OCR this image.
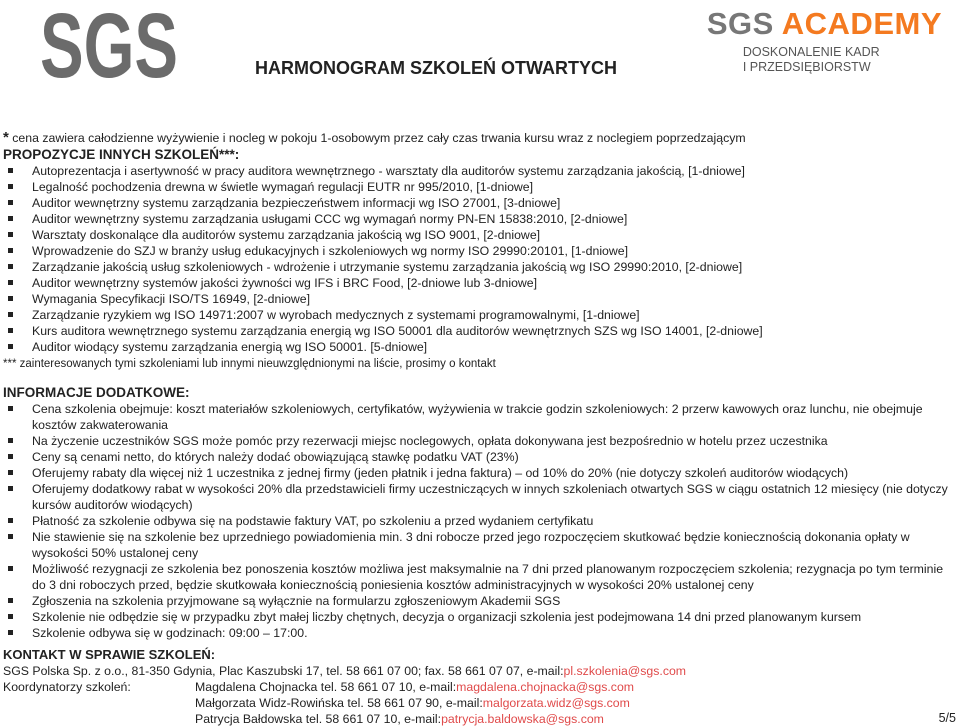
SGS	HARMONOGRAM SZKOLEŃ OTWARTYCH
SGS ACADEMY
DOSKONALENIE KADR
I PRZEDSIĘBIORSTW

* cena zawiera całodzienne wyżywienie i nocleg w pokoju 1-osobowym przez cały czas trwania kursu wraz z noclegiem poprzedzającym

PROPOZYCJE INNYCH SZKOLEŃ***:

Autoprezentacja i asertywność w pracy auditora wewnętrznego - warsztaty dla auditorów systemu zarządzania jakością, [1-dniowe]
Legalność pochodzenia drewna w świetle wymagań regulacji EUTR nr 995/2010, [1-dniowe]
Auditor wewnętrzny systemu zarządzania bezpieczeństwem informacji wg ISO 27001, [3-dniowe]
Auditor wewnętrzny systemu zarządzania usługami CCC wg wymagań normy PN-EN 15838:2010, [2-dniowe]
Warsztaty doskonalące dla auditorów systemu zarządzania jakością wg ISO 9001, [2-dniowe]
Wprowadzenie do SZJ w branży usług edukacyjnych i szkoleniowych wg normy ISO 29990:20101, [1-dniowe]
Zarządzanie jakością usług szkoleniowych - wdrożenie i utrzymanie systemu zarządzania jakością wg ISO 29990:2010, [2-dniowe]
Auditor wewnętrzny systemów jakości żywności wg IFS i BRC Food, [2-dniowe lub 3-dniowe]
Wymagania Specyfikacji ISO/TS 16949, [2-dniowe]
Zarządzanie ryzykiem wg ISO 14971:2007 w wyrobach medycznych z systemami programowalnymi, [1-dniowe]
Kurs auditora wewnętrznego systemu zarządzania energią wg ISO 50001 dla auditorów wewnętrznych SZS wg ISO 14001, [2-dniowe]
Auditor wiodący systemu zarządzania energią wg ISO 50001. [5-dniowe]

*** zainteresowanych tymi szkoleniami lub innymi nieuwzględnionymi na liście, prosimy o kontakt

INFORMACJE DODATKOWE:

Cena szkolenia obejmuje: koszt materiałów szkoleniowych, certyfikatów, wyżywienia w trakcie godzin szkoleniowych: 2 przerw kawowych oraz lunchu, nie obejmuje kosztów zakwaterowania
Na życzenie uczestników SGS może pomóc przy rezerwacji miejsc noclegowych, opłata dokonywana jest bezpośrednio w hotelu przez uczestnika
Ceny są cenami netto, do których należy dodać obowiązującą stawkę podatku VAT (23%)
Oferujemy rabaty dla więcej niż 1 uczestnika z jednej firmy (jeden płatnik i jedna faktura) – od 10% do 20% (nie dotyczy szkoleń auditorów wiodących)
Oferujemy dodatkowy rabat w wysokości 20% dla przedstawicieli firmy uczestniczących w innych szkoleniach otwartych SGS w ciągu ostatnich 12 miesięcy (nie dotyczy kursów auditorów wiodących)
Płatność za szkolenie odbywa się na podstawie faktury VAT, po szkoleniu a przed wydaniem certyfikatu
Nie stawienie się na szkolenie bez uprzedniego powiadomienia min. 3 dni robocze przed jego rozpoczęciem skutkować będzie koniecznością dokonania opłaty w wysokości 50% ustalonej ceny
Możliwość rezygnacji ze szkolenia bez ponoszenia kosztów możliwa jest maksymalnie na 7 dni przed planowanym rozpoczęciem szkolenia; rezygnacja po tym terminie do 3 dni roboczych przed, będzie skutkowała koniecznością poniesienia kosztów administracyjnych w wysokości 20% ustalonej ceny
Zgłoszenia na szkolenia przyjmowane są wyłącznie na formularzu zgłoszeniowym Akademii SGS
Szkolenie nie odbędzie się w przypadku zbyt małej liczby chętnych, decyzja o organizacji szkolenia jest podejmowana 14 dni przed planowanym kursem
Szkolenie odbywa się w godzinach: 09:00 – 17:00.
KONTAKT W SPRAWIE SZKOLEŃ:
SGS Polska Sp. z o.o., 81-350 Gdynia, Plac Kaszubski 17, tel. 58 661 07 00; fax. 58 661 07 07, e-mail: pl.szkolenia@sgs.com
Koordynatorzy szkoleń:	Magdalena Chojnacka tel. 58 661 07 10, e-mail: magdalena.chojnacka@sgs.com
Małgorzata Widz-Rowińska tel. 58 661 07 90, e-mail: malgorzata.widz@sgs.com
Patrycja Bałdowska tel. 58 661 07 10, e-mail: patrycja.baldowska@sgs.com	5/5
